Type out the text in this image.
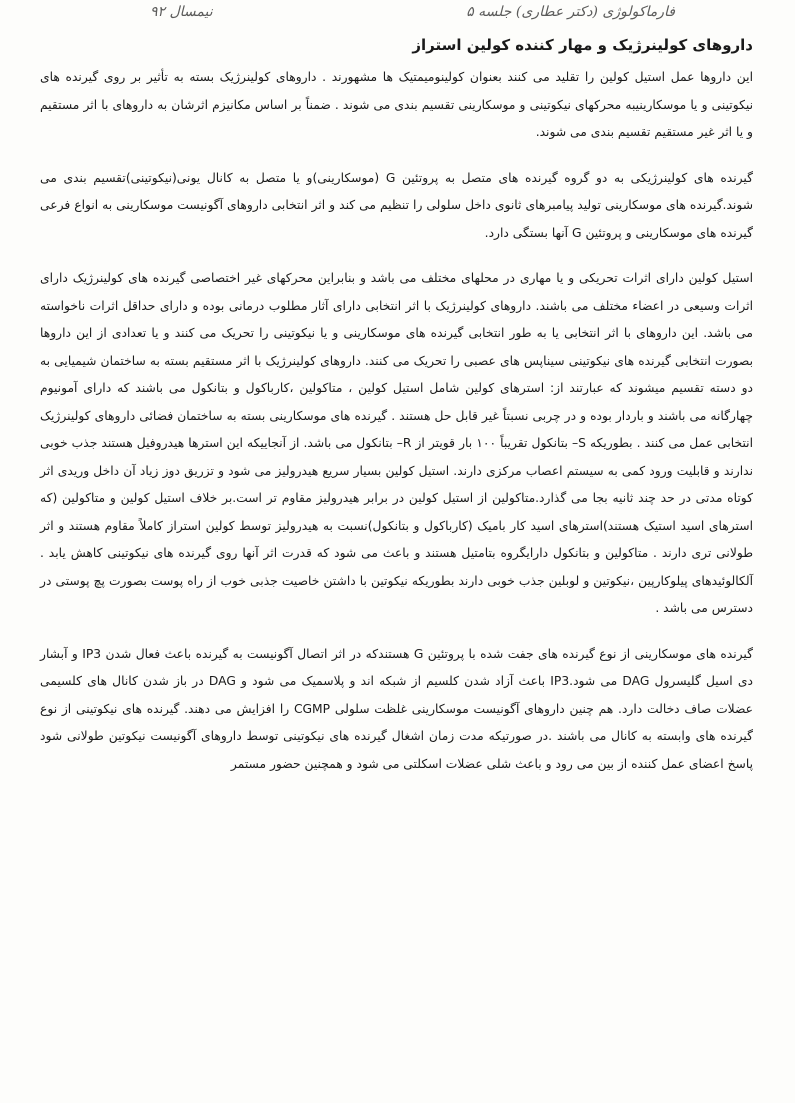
فارماکولوژی (دکتر عطاری) جلسه ۵
نیمسال ۹۲
داروهای کولینرژیک و مهار کننده کولین استراز

این داروها عمل استیل کولین را تقلید می کنند بعنوان کولینومیمتیک ها مشهورند . داروهای کولینرژیک بسته به تأثیر بر روی گیرنده های نیکوتینی و یا موسکارینیبه محرکهای نیکوتینی و موسکارینی تقسیم بندی می شوند . ضمناً بر اساس مکانیزم اثرشان به داروهای با اثر مستقیم و یا اثر غیر مستقیم تقسیم بندی می شوند.

گیرنده های کولینرژیکی به دو گروه گیرنده های متصل به پروتئین G (موسکارینی)و یا متصل به کانال یونی(نیکوتینی)تقسیم بندی می شوند.گیرنده های موسکارینی تولید پیامبرهای ثانوی داخل سلولی را تنظیم می کند و اثر انتخابی داروهای آگونیست موسکارینی به انواع فرعی گیرنده های موسکارینی و پروتئین G آنها بستگی دارد.

استیل کولین دارای اثرات تحریکی و یا مهاری در محلهای مختلف می باشد و بنابراین محرکهای غیر اختصاصی گیرنده های کولینرژیک دارای اثرات وسیعی در اعضاء مختلف می باشند. داروهای کولینرژیک با اثر انتخابی دارای آثار مطلوب درمانی بوده و دارای حداقل اثرات ناخواسته می باشد. این داروهای با اثر انتخابی یا به طور انتخابی گیرنده های موسکارینی و یا نیکوتینی را تحریک می کنند و یا تعدادی از این داروها بصورت انتخابی گیرنده های نیکوتینی سیناپس های عصبی را تحریک می کنند. داروهای کولینرژیک با اثر مستقیم بسته به ساختمان شیمیایی به دو دسته تقسیم میشوند که عبارتند از: استرهای کولین شامل استیل کولین ، متاکولین ،کارباکول و بتانکول می باشند که دارای آمونیوم چهارگانه می باشند و باردار بوده و در چربی نسبتاً غیر قابل حل هستند . گیرنده های موسکارینی بسته به ساختمان فضائی داروهای کولینرژیک انتخابی عمل می کنند . بطوریکه S– بتانکول تقریباً ۱۰۰ بار قویتر از R– بتانکول می باشد. از آنجاییکه این استرها هیدروفیل هستند جذب خوبی ندارند و قابلیت ورود کمی به سیستم اعصاب مرکزی دارند. استیل کولین بسیار سریع هیدرولیز می شود و تزریق دوز زیاد آن داخل وریدی اثر کوتاه مدتی در حد چند ثانیه بجا می گذارد.متاکولین از استیل کولین در برابر هیدرولیز مقاوم تر است.بر خلاف استیل کولین و متاکولین (که استرهای اسید استیک هستند)استرهای اسید کار بامیک (کارباکول و بتانکول)نسبت به هیدرولیز توسط کولین استراز کاملاً مقاوم هستند و اثر طولانی تری دارند . متاکولین و بتانکول دارایگروه بتامتیل هستند و باعث می شود که قدرت اثر آنها روی گیرنده های نیکوتینی کاهش یابد . آلکالوئیدهای پیلوکارپین ،نیکوتین و لوبلین جذب خوبی دارند بطوریکه نیکوتین با داشتن خاصیت جذبی خوب از راه پوست بصورت پچ پوستی در دسترس می باشد .

گیرنده های موسکارینی از نوع گیرنده های جفت شده با پروتئین G هستندکه در اثر اتصال آگونیست به گیرنده باعث فعال شدن IP3 و آبشار دی اسیل گلیسرول DAG می شود.IP3 باعث آزاد شدن کلسیم از شبکه اند و پلاسمیک می شود و DAG در باز شدن کانال های کلسیمی عضلات صاف دخالت دارد. هم چنین داروهای آگونیست موسکارینی غلظت سلولی CGMP را افزایش می دهند. گیرنده های نیکوتینی از نوع گیرنده های وابسته به کانال می باشند .در صورتیکه مدت زمان اشغال گیرنده های نیکوتینی توسط داروهای آگونیست نیکوتین طولانی شود پاسخ اعضای عمل کننده از بین می رود و باعث شلی عضلات اسکلتی می شود و همچنین حضور مستمر
